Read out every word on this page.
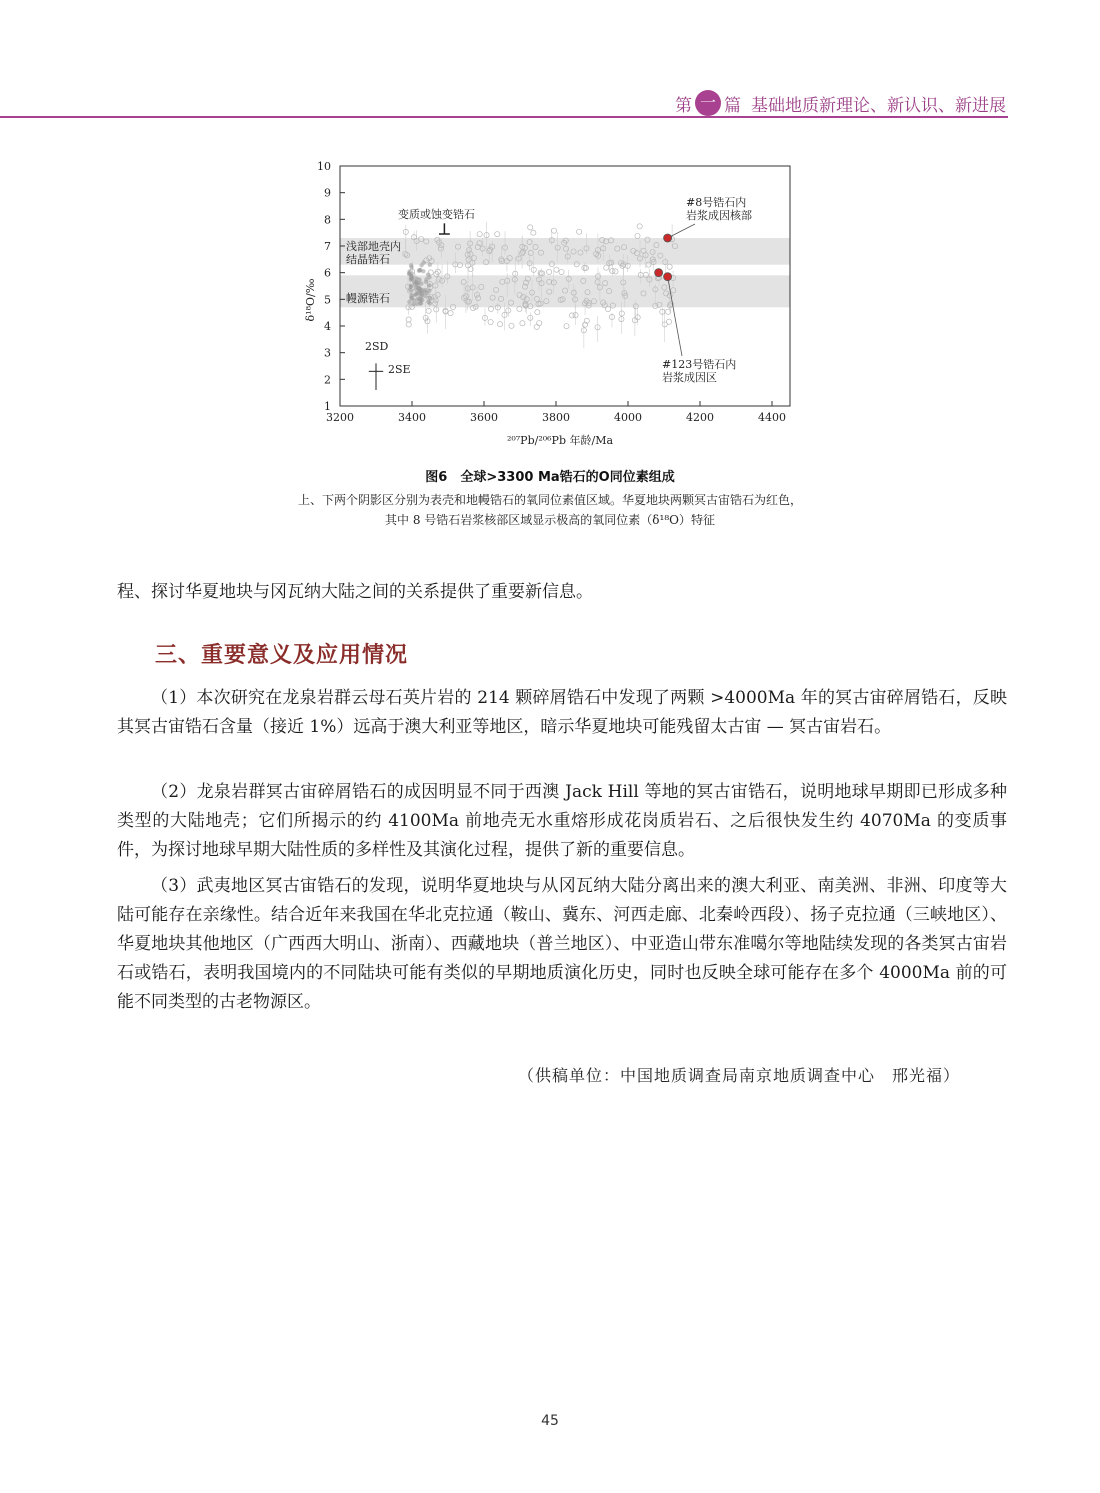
第 一 篇 基础地质新理论、新认识、新进展
3200	3400	3600	3800	4000	4200	4400
1
2
3
4
5
6
7
8
9
10
变质或蚀变锆石
浅部地壳内
结晶锆石
幔源锆石
#8号锆石内
岩浆成因核部
#123号锆石内
岩浆成因区
2SD
2SE
δ¹⁸O/‰
²⁰⁷Pb/²⁰⁶Pb 年龄/Ma
图6　全球>3300 Ma锆石的O同位素组成
上、下两个阴影区分别为表壳和地幔锆石的氧同位素值区域。华夏地块两颗冥古宙锆石为红色，
其中 8 号锆石岩浆核部区域显示极高的氧同位素（δ¹⁸O）特征
程、探讨华夏地块与冈瓦纳大陆之间的关系提供了重要新信息。
三、重要意义及应用情况
（1）本次研究在龙泉岩群云母石英片岩的 214 颗碎屑锆石中发现了两颗 >4000Ma 年的冥古宙碎屑锆石，反映其冥古宙锆石含量（接近 1%）远高于澳大利亚等地区，暗示华夏地块可能残留太古宙 — 冥古宙岩石。
（2）龙泉岩群冥古宙碎屑锆石的成因明显不同于西澳 Jack Hill 等地的冥古宙锆石，说明地球早期即已形成多种类型的大陆地壳；它们所揭示的约 4100Ma 前地壳无水重熔形成花岗质岩石、之后很快发生约 4070Ma 的变质事件，为探讨地球早期大陆性质的多样性及其演化过程，提供了新的重要信息。
（3）武夷地区冥古宙锆石的发现，说明华夏地块与从冈瓦纳大陆分离出来的澳大利亚、南美洲、非洲、印度等大陆可能存在亲缘性。结合近年来我国在华北克拉通（鞍山、冀东、河西走廊、北秦岭西段）、扬子克拉通（三峡地区）、华夏地块其他地区（广西西大明山、浙南）、西藏地块（普兰地区）、中亚造山带东准噶尔等地陆续发现的各类冥古宙岩石或锆石，表明我国境内的不同陆块可能有类似的早期地质演化历史，同时也反映全球可能存在多个 4000Ma 前的可能不同类型的古老物源区。
（供稿单位：中国地质调查局南京地质调查中心　邢光福）
45
